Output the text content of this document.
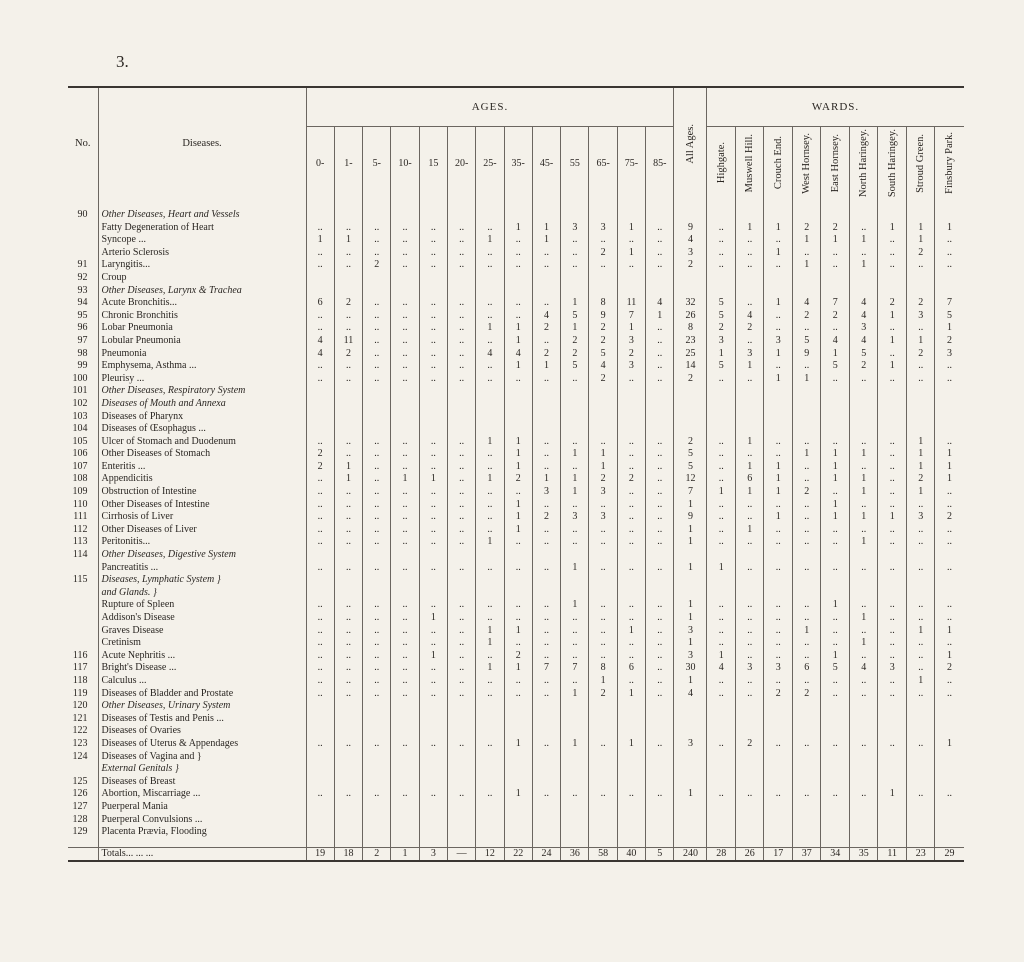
3.
No.	Diseases.	AGES.													All Ages.	WARDS.								

																Highgate.	Muswell Hill.	Crouch End.	West Hornsey.	East Hornsey.	North Haringey.	South Haringey.	Stroud Green.	Finsbury Park.

		0-	1-	5-	10-	15	20-	25-	35-	45-	55	65-	75-	85-										
90	Other Diseases, Heart and Vessels																							
	Fatty Degeneration of Heart	..	..	..	..	..	..	..	1	1	3	3	1	..	9	..	1	1	2	2	..	1	1	1
	Syncope ...	1	1	..	..	..	..	1	..	1	..	..	..	..	4	..	..	..	1	1	1	..	1	..
	Arterio Sclerosis	..	..	..	..	..	..	..	..	..	..	2	1	..	3	..	..	1	..	..	..	..	2	..
91	Laryngitis...	..	..	2	..	..	..	..	..	..	..	..	..	..	2	..	..	..	1	..	1	..	..	..
92	Croup																							
93	Other Diseases, Larynx & Trachea																							
94	Acute Bronchitis...	6	2	..	..	..	..	..	..	..	1	8	11	4	32	5	..	1	4	7	4	2	2	7
95	Chronic Bronchitis	..	..	..	..	..	..	..	..	4	5	9	7	1	26	5	4	..	2	2	4	1	3	5
96	Lobar Pneumonia	..	..	..	..	..	..	1	1	2	1	2	1	..	8	2	2	..	..	..	3	..	..	1
97	Lobular Pneumonia	4	11	..	..	..	..	..	1	..	2	2	3	..	23	3	..	3	5	4	4	1	1	2
98	Pneumonia	4	2	..	..	..	..	4	4	2	2	5	2	..	25	1	3	1	9	1	5	..	2	3
99	Emphysema, Asthma ...	..	..	..	..	..	..	..	1	1	5	4	3	..	14	5	1	..	..	5	2	1	..	..
100	Pleurisy ...	..	..	..	..	..	..	..	..	..	..	2	..	..	2	..	..	1	1	..	..	..	..	..
101	Other Diseases, Respiratory System																							
102	Diseases of Mouth and Annexa																							
103	Diseases of Pharynx																							
104	Diseases of Œsophagus ...																							
105	Ulcer of Stomach and Duodenum	..	..	..	..	..	..	1	1	..	..	..	..	..	2	..	1	..	..	..	..	..	1	..
106	Other Diseases of Stomach	2	..	..	..	..	..	..	1	..	1	1	..	..	5	..	..	..	1	1	1	..	1	1
107	Enteritis ...	2	1	..	..	..	..	..	1	..	..	1	..	..	5	..	1	1	..	1	..	..	1	1
108	Appendicitis	..	1	..	1	1	..	1	2	1	1	2	2	..	12	..	6	1	..	1	1	..	2	1
109	Obstruction of Intestine	..	..	..	..	..	..	..	..	3	1	3	..	..	7	1	1	1	2	..	1	..	1	..
110	Other Diseases of Intestine	..	..	..	..	..	..	..	1	..	..	..	..	..	1	..	..	..	..	1	..	..	..	..
111	Cirrhosis of Liver	..	..	..	..	..	..	..	1	2	3	3	..	..	9	..	..	1	..	1	1	1	3	2
112	Other Diseases of Liver	..	..	..	..	..	..	..	1	..	..	..	..	..	1	..	1	..	..	..	..	..	..	..
113	Peritonitis...	..	..	..	..	..	..	1	..	..	..	..	..	..	1	..	..	..	..	..	1	..	..	..
114	Other Diseases, Digestive System																							
	Pancreatitis ...	..	..	..	..	..	..	..	..	..	1	..	..	..	1	1	..	..	..	..	..	..	..	..
115	Diseases, Lymphatic System }																							
	and Glands. }																							
	Rupture of Spleen	..	..	..	..	..	..	..	..	..	1	..	..	..	1	..	..	..	..	1	..	..	..	..
	Addison's Disease	..	..	..	..	1	..	..	..	..	..	..	..	..	1	..	..	..	..	..	1	..	..	..
	Graves Disease	..	..	..	..	..	..	1	1	..	..	..	1	..	3	..	..	..	1	..	..	..	1	1
	Cretinism	..	..	..	..	..	..	1	..	..	..	..	..	..	1	..	..	..	..	..	1	..	..	..
116	Acute Nephritis ...	..	..	..	..	1	..	..	2	..	..	..	..	..	3	1	..	..	..	1	..	..	..	1
117	Bright's Disease ...	..	..	..	..	..	..	1	1	7	7	8	6	..	30	4	3	3	6	5	4	3	..	2
118	Calculus ...	..	..	..	..	..	..	..	..	..	..	1	..	..	1	..	..	..	..	..	..	..	1	..
119	Diseases of Bladder and Prostate	..	..	..	..	..	..	..	..	..	1	2	1	..	4	..	..	2	2	..	..	..	..	..
120	Other Diseases, Urinary System																							
121	Diseases of Testis and Penis ...																							
122	Diseases of Ovaries																							
123	Diseases of Uterus & Appendages	..	..	..	..	..	..	..	1	..	1	..	1	..	3	..	2	..	..	..	..	..	..	1
124	Diseases of Vagina and }																							
	External Genitals }																							
125	Diseases of Breast																							
126	Abortion, Miscarriage ...	..	..	..	..	..	..	..	1	..	..	..	..	..	1	..	..	..	..	..	..	1	..	..
127	Puerperal Mania																							
128	Puerperal Convulsions ...																							
129	Placenta Prævia, Flooding																							

	Totals... ... ...	19	18	2	1	3	—	12	22	24	36	58	40	5	240	28	26	17	37	34	35	11	23	29
